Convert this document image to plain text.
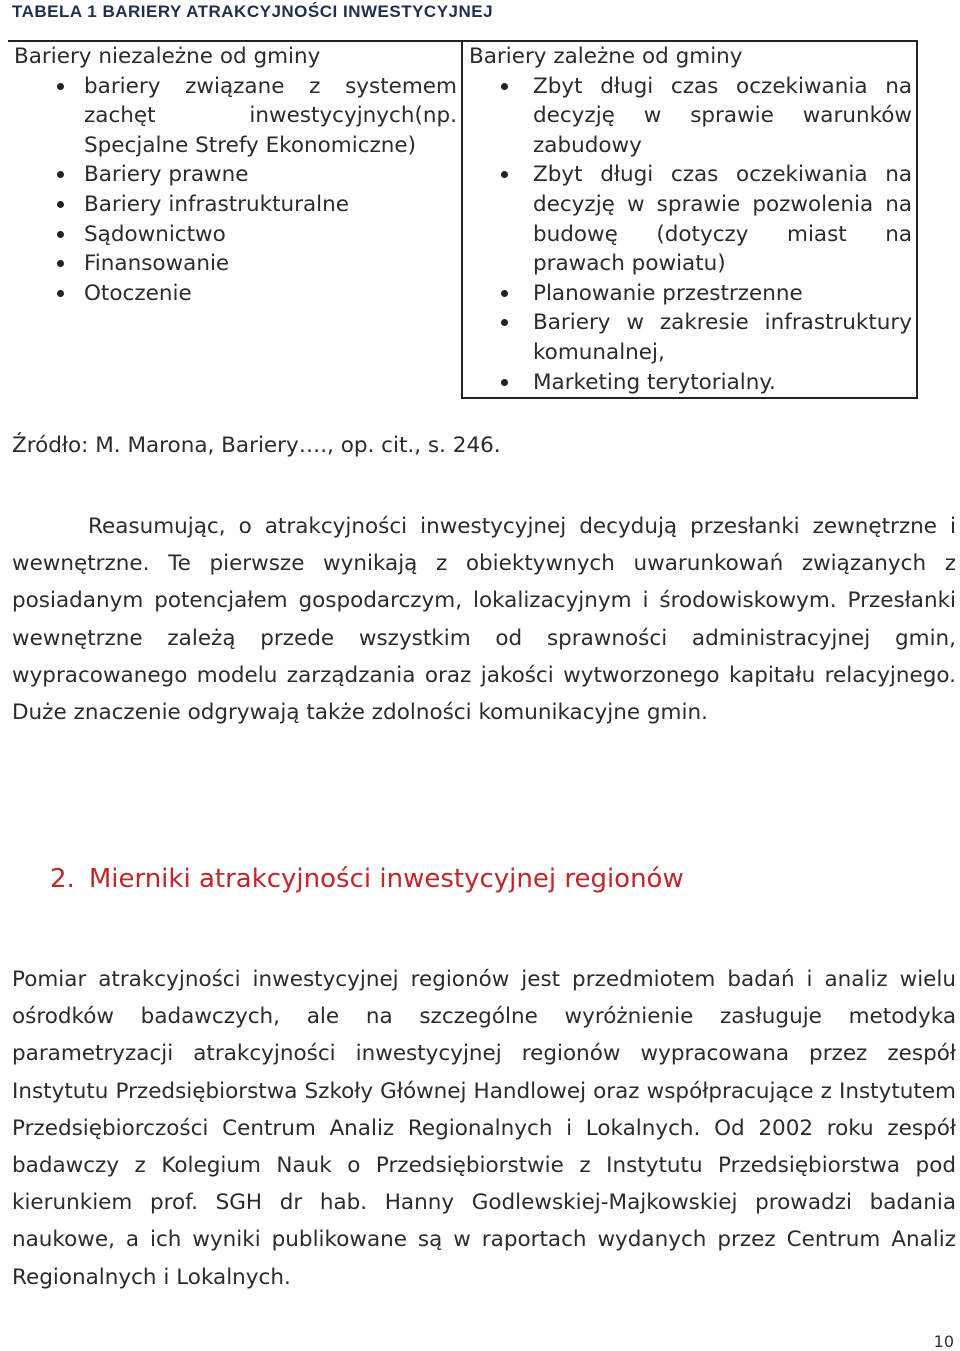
TABELA 1 BARIERY ATRAKCYJNOŚCI INWESTYCYJNEJ
Bariery niezależne od gminy
bariery związane z systemem zachęt inwestycyjnych(np. Specjalne Strefy Ekonomiczne)
Bariery prawne
Bariery infrastrukturalne
Sądownictwo
Finansowanie
Otoczenie

Bariery zależne od gminy
Zbyt długi czas oczekiwania na decyzję w sprawie warunków zabudowy
Zbyt długi czas oczekiwania na decyzję w sprawie pozwolenia na budowę (dotyczy miast na prawach powiatu)
Planowanie przestrzenne
Bariery w zakresie infrastruktury komunalnej,
Marketing terytorialny.
Źródło: M. Marona, Bariery…., op. cit., s. 246.

Reasumując, o atrakcyjności inwestycyjnej decydują przesłanki zewnętrzne i wewnętrzne. Te pierwsze wynikają z obiektywnych uwarunkowań związanych z posiadanym potencjałem gospodarczym, lokalizacyjnym i środowiskowym. Przesłanki wewnętrzne zależą przede wszystkim od sprawności administracyjnej gmin, wypracowanego modelu zarządzania oraz jakości wytworzonego kapitału relacyjnego. Duże znaczenie odgrywają także zdolności komunikacyjne gmin.

2. Mierniki atrakcyjności inwestycyjnej regionów

Pomiar atrakcyjności inwestycyjnej regionów jest przedmiotem badań i analiz wielu ośrodków badawczych, ale na szczególne wyróżnienie zasługuje metodyka parametryzacji atrakcyjności inwestycyjnej regionów wypracowana przez zespół Instytutu Przedsiębiorstwa Szkoły Głównej Handlowej oraz współpracujące z Instytutem Przedsiębiorczości Centrum Analiz Regionalnych i Lokalnych. Od 2002 roku zespół badawczy z Kolegium Nauk o Przedsiębiorstwie z Instytutu Przedsiębiorstwa pod kierunkiem prof. SGH dr hab. Hanny Godlewskiej-Majkowskiej prowadzi badania naukowe, a ich wyniki publikowane są w raportach wydanych przez Centrum Analiz Regionalnych i Lokalnych.

10
